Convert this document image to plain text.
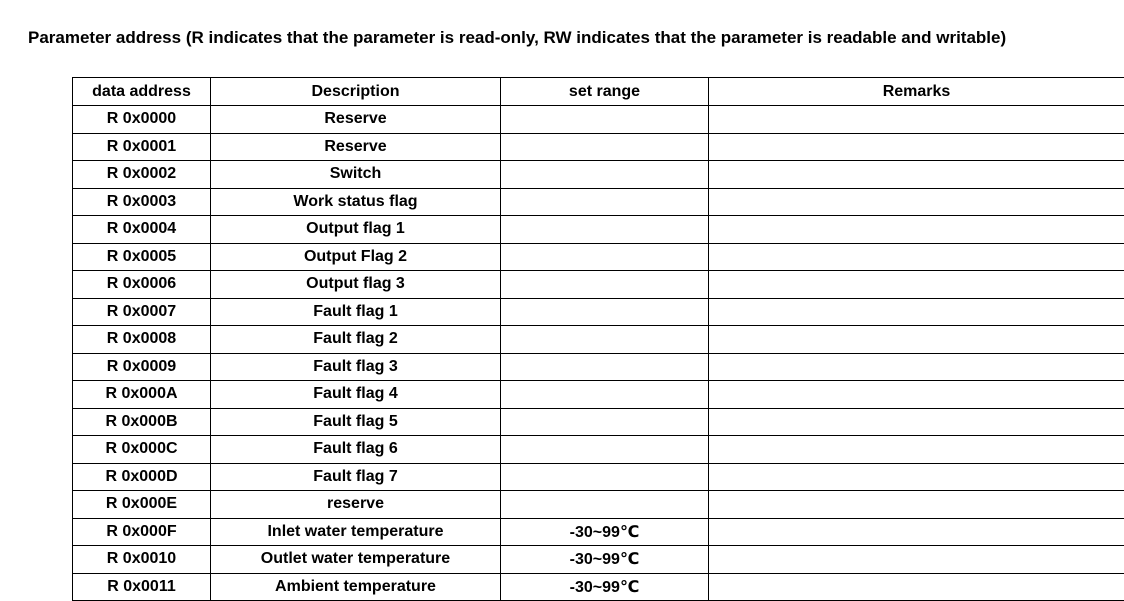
Parameter address (R indicates that the parameter is read-only, RW indicates that the parameter is readable and writable)
data address	Description	set range	Remarks
R 0x0000	Reserve		
R 0x0001	Reserve		
R 0x0002	Switch		
R 0x0003	Work status flag		
R 0x0004	Output flag 1		
R 0x0005	Output Flag 2		
R 0x0006	Output flag 3		
R 0x0007	Fault flag 1		
R 0x0008	Fault flag 2		
R 0x0009	Fault flag 3		
R 0x000A	Fault flag 4		
R 0x000B	Fault flag 5		
R 0x000C	Fault flag 6		
R 0x000D	Fault flag 7		
R 0x000E	reserve		
R 0x000F	Inlet water temperature	-30~99℃	
R 0x0010	Outlet water temperature	-30~99℃	
R 0x0011	Ambient temperature	-30~99℃	
